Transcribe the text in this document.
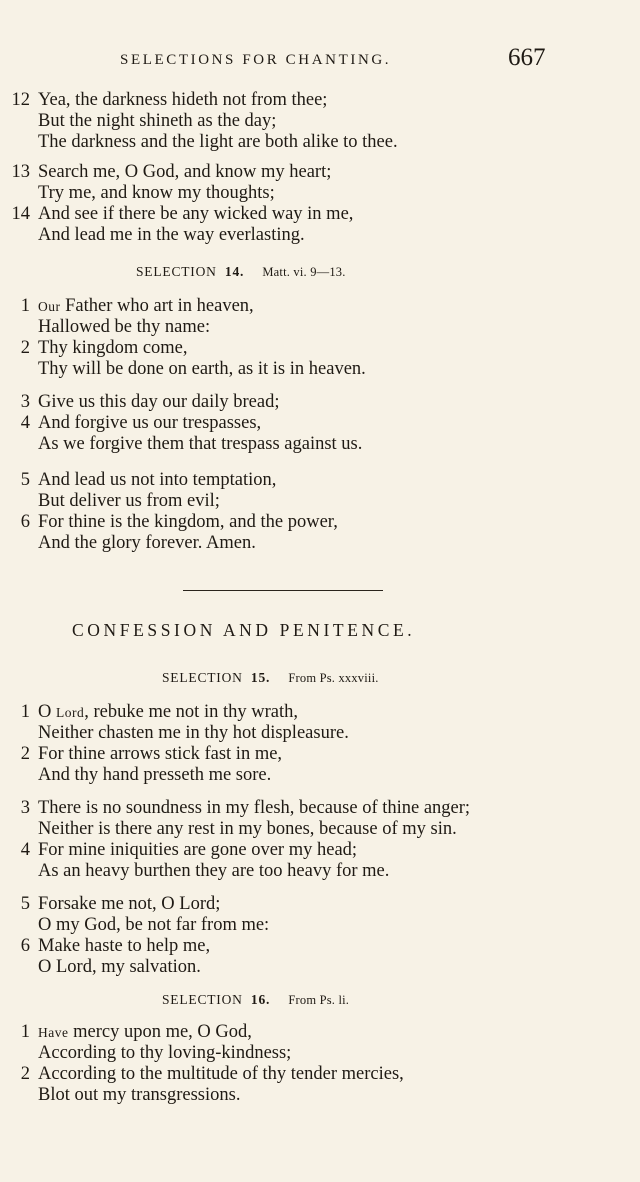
SELECTIONS FOR CHANTING.	667
12 Yea, the darkness hideth not from thee;
But the night shineth as the day;
The darkness and the light are both alike to thee.
13 Search me, O God, and know my heart;
Try me, and know my thoughts;
14 And see if there be any wicked way in me,
And lead me in the way everlasting.
SELECTION 14. Matt. vi. 9—13.
1 Our Father who art in heaven,
Hallowed be thy name:
2 Thy kingdom come,
Thy will be done on earth, as it is in heaven.
3 Give us this day our daily bread;
4 And forgive us our trespasses,
As we forgive them that trespass against us.
5 And lead us not into temptation,
But deliver us from evil;
6 For thine is the kingdom, and the power,
And the glory forever. Amen.
CONFESSION AND PENITENCE.
SELECTION 15. From Ps. xxxviii.
1 O Lord, rebuke me not in thy wrath,
Neither chasten me in thy hot displeasure.
2 For thine arrows stick fast in me,
And thy hand presseth me sore.
3 There is no soundness in my flesh, because of thine anger;
Neither is there any rest in my bones, because of my sin.
4 For mine iniquities are gone over my head;
As an heavy burthen they are too heavy for me.
5 Forsake me not, O Lord;
O my God, be not far from me:
6 Make haste to help me,
O Lord, my salvation.
SELECTION 16. From Ps. li.
1 Have mercy upon me, O God,
According to thy loving-kindness;
2 According to the multitude of thy tender mercies,
Blot out my transgressions.
